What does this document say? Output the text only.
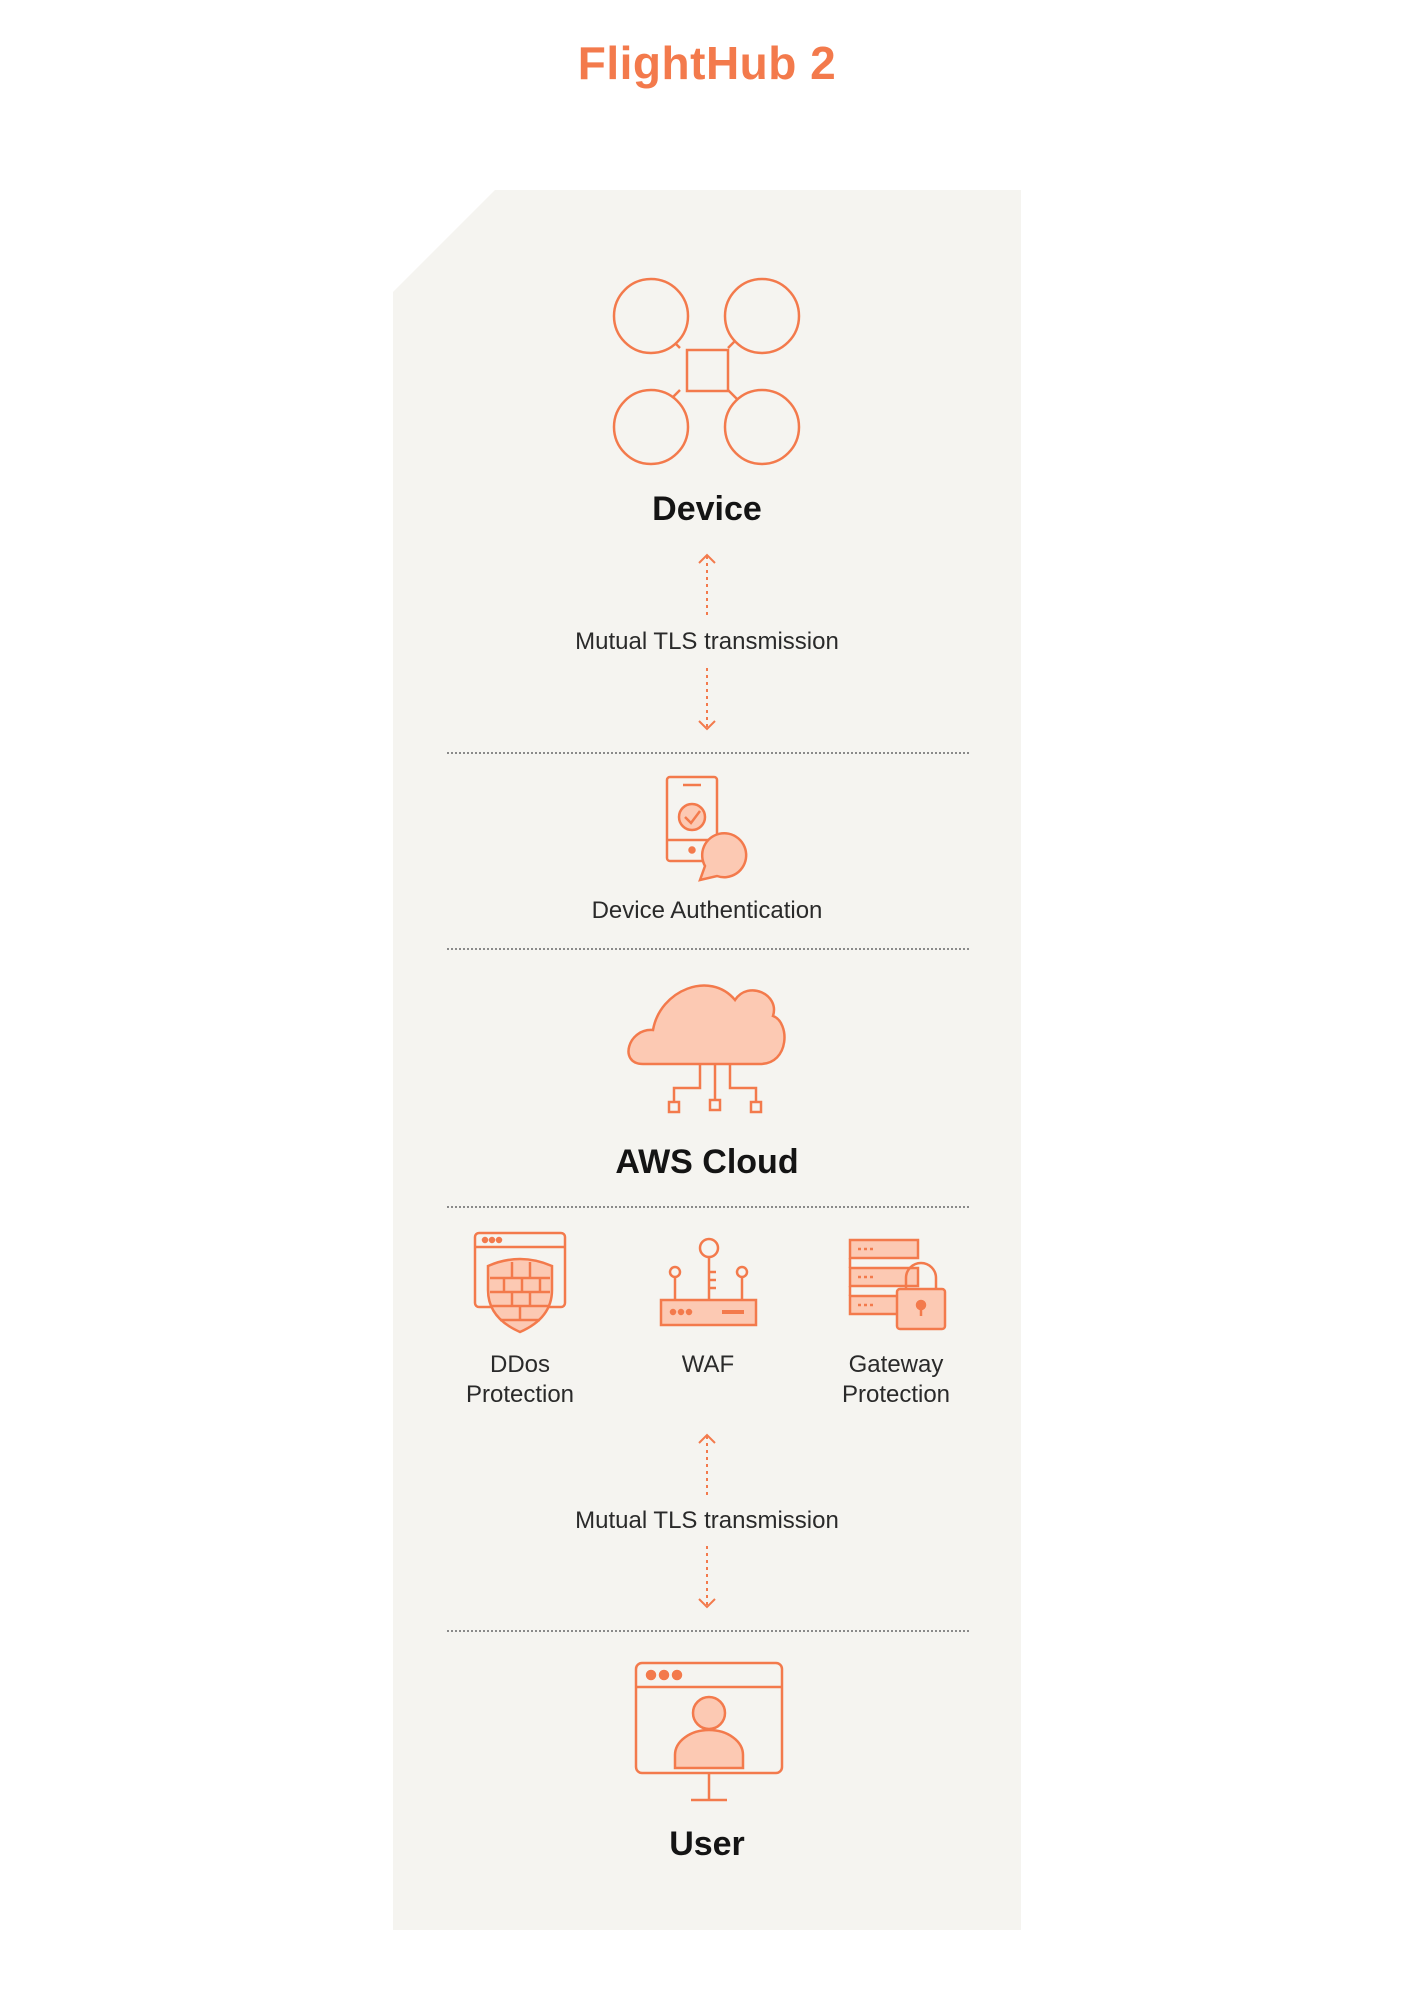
FlightHub 2
Device
Mutual TLS transmission
Device Authentication
AWS Cloud
DDos
Protection
WAF	Gateway
Protection
Mutual TLS transmission
User
